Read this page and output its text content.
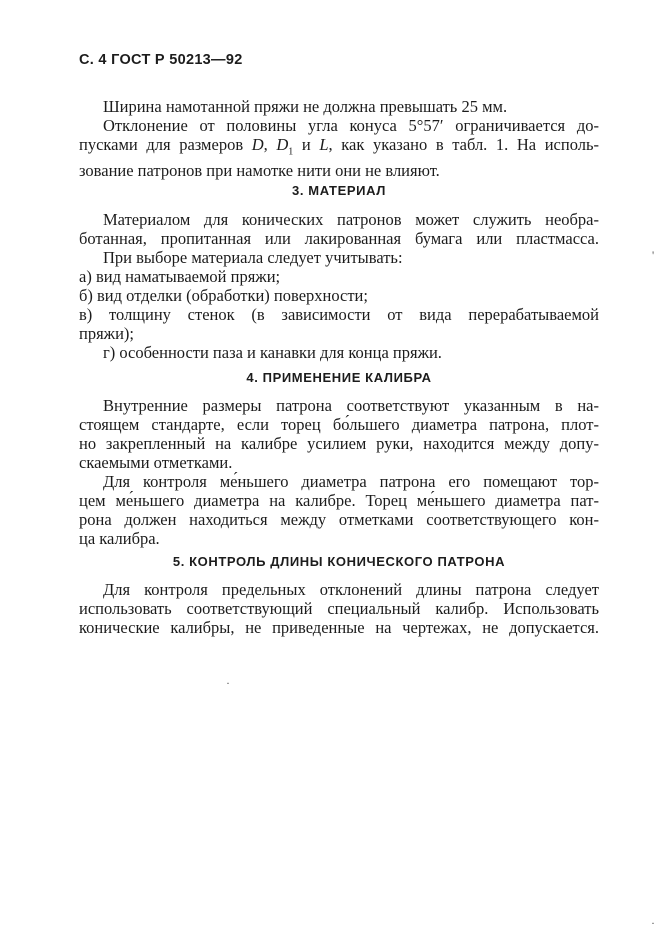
С. 4 ГОСТ Р 50213—92
Ширина намотанной пряжи не должна превышать 25 мм.
Отклонение от половины угла конуса 5°57′ ограничивается до-
пусками для размеров D, $D_1$ и L, как указано в табл. 1. На исполь-
зование патронов при намотке нити они не влияют.
3. МАТЕРИАЛ
Материалом для конических патронов может служить необра-
ботанная, пропитанная или лакированная бумага или пластмасса.
При выборе материала следует учитывать:
а) вид наматываемой пряжи;
б) вид отделки (обработки) поверхности;
в) толщину стенок (в зависимости от вида перерабатываемой
пряжи);
г) особенности паза и канавки для конца пряжи.
4. ПРИМЕНЕНИЕ КАЛИБРА
Внутренние размеры патрона соответствуют указанным в на-
стоящем стандарте, если торец бо́льшего диаметра патрона, плот-
но закрепленный на калибре усилием руки, находится между допу-
скаемыми отметками.
Для контроля ме́ньшего диаметра патрона его помещают тор-
цем ме́ньшего диаметра на калибре. Торец ме́ньшего диаметра пат-
рона должен находиться между отметками соответствующего кон-
ца калибра.
5. КОНТРОЛЬ ДЛИНЫ КОНИЧЕСКОГО ПАТРОНА
Для контроля предельных отклонений длины патрона следует
использовать соответствующий специальный калибр. Использовать
конические калибры, не приведенные на чертежах, не допускается.
'
·
·
